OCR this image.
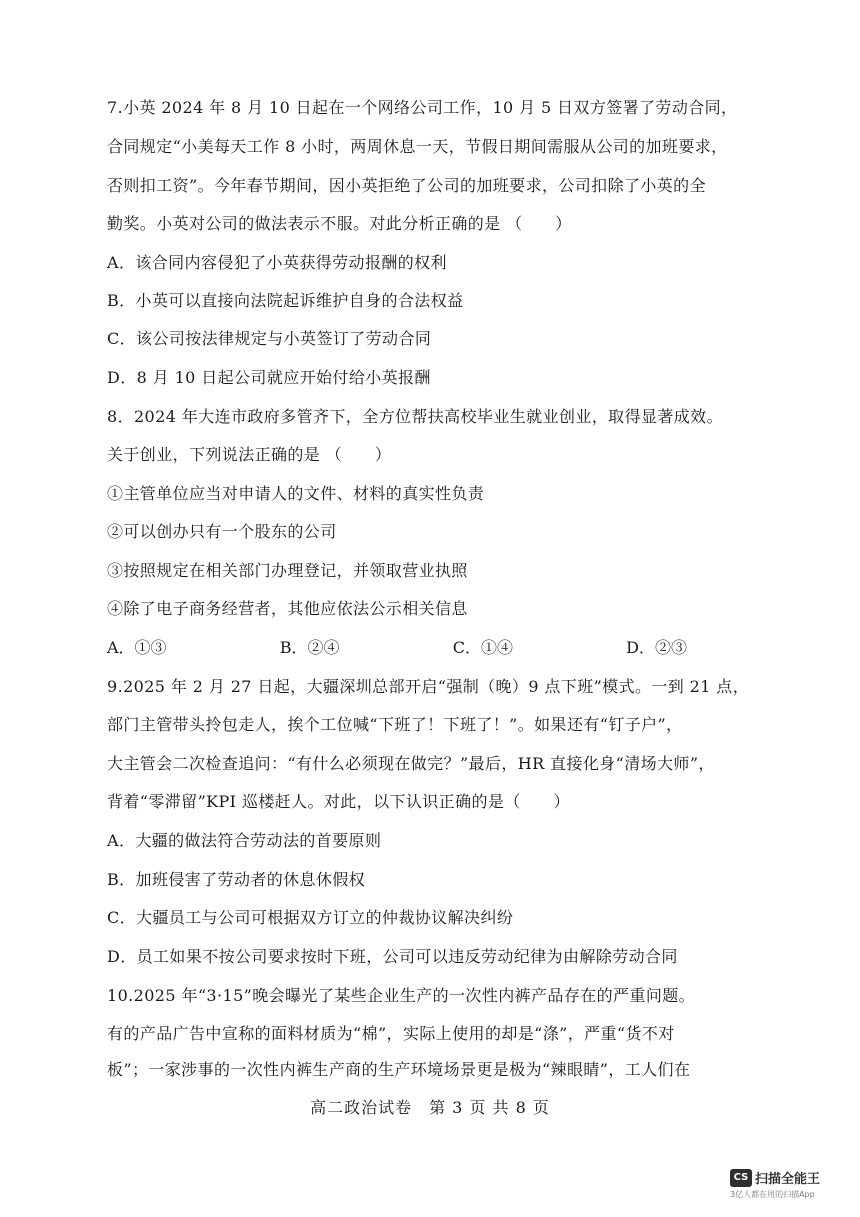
7.小英 2024 年 8 月 10 日起在一个网络公司工作，10 月 5 日双方签署了劳动合同，
合同规定“小美每天工作 8 小时，两周休息一天，节假日期间需服从公司的加班要求，
否则扣工资”。今年春节期间，因小英拒绝了公司的加班要求，公司扣除了小英的全
勤奖。小英对公司的做法表示不服。对此分析正确的是 （　　）
A．该合同内容侵犯了小英获得劳动报酬的权利
B．小英可以直接向法院起诉维护自身的合法权益
C．该公司按法律规定与小英签订了劳动合同
D．8 月 10 日起公司就应开始付给小英报酬
8．2024 年大连市政府多管齐下，全方位帮扶高校毕业生就业创业，取得显著成效。
关于创业，下列说法正确的是 （　　）
①主管单位应当对申请人的文件、材料的真实性负责
②可以创办只有一个股东的公司
③按照规定在相关部门办理登记，并领取营业执照
④除了电子商务经营者，其他应依法公示相关信息
A．①③	B．②④	C．①④	D．②③
9.2025 年 2 月 27 日起，大疆深圳总部开启“强制（晚）9 点下班”模式。一到 21 点，
部门主管带头拎包走人，挨个工位喊“下班了！下班了！”。如果还有“钉子户”，
大主管会二次检查追问：“有什么必须现在做完？”最后，HR 直接化身“清场大师”，
背着“零滞留”KPI 巡楼赶人。对此，以下认识正确的是（　　）
A．大疆的做法符合劳动法的首要原则
B．加班侵害了劳动者的休息休假权
C．大疆员工与公司可根据双方订立的仲裁协议解决纠纷
D．员工如果不按公司要求按时下班，公司可以违反劳动纪律为由解除劳动合同
10.2025 年“3·15”晚会曝光了某些企业生产的一次性内裤产品存在的严重问题。
有的产品广告中宣称的面料材质为“棉”，实际上使用的却是“涤”，严重“货不对
板”；一家涉事的一次性内裤生产商的生产环境场景更是极为“辣眼睛”，工人们在
高二政治试卷　第 3 页 共 8 页
CS 扫描全能王
3亿人都在用的扫描App
